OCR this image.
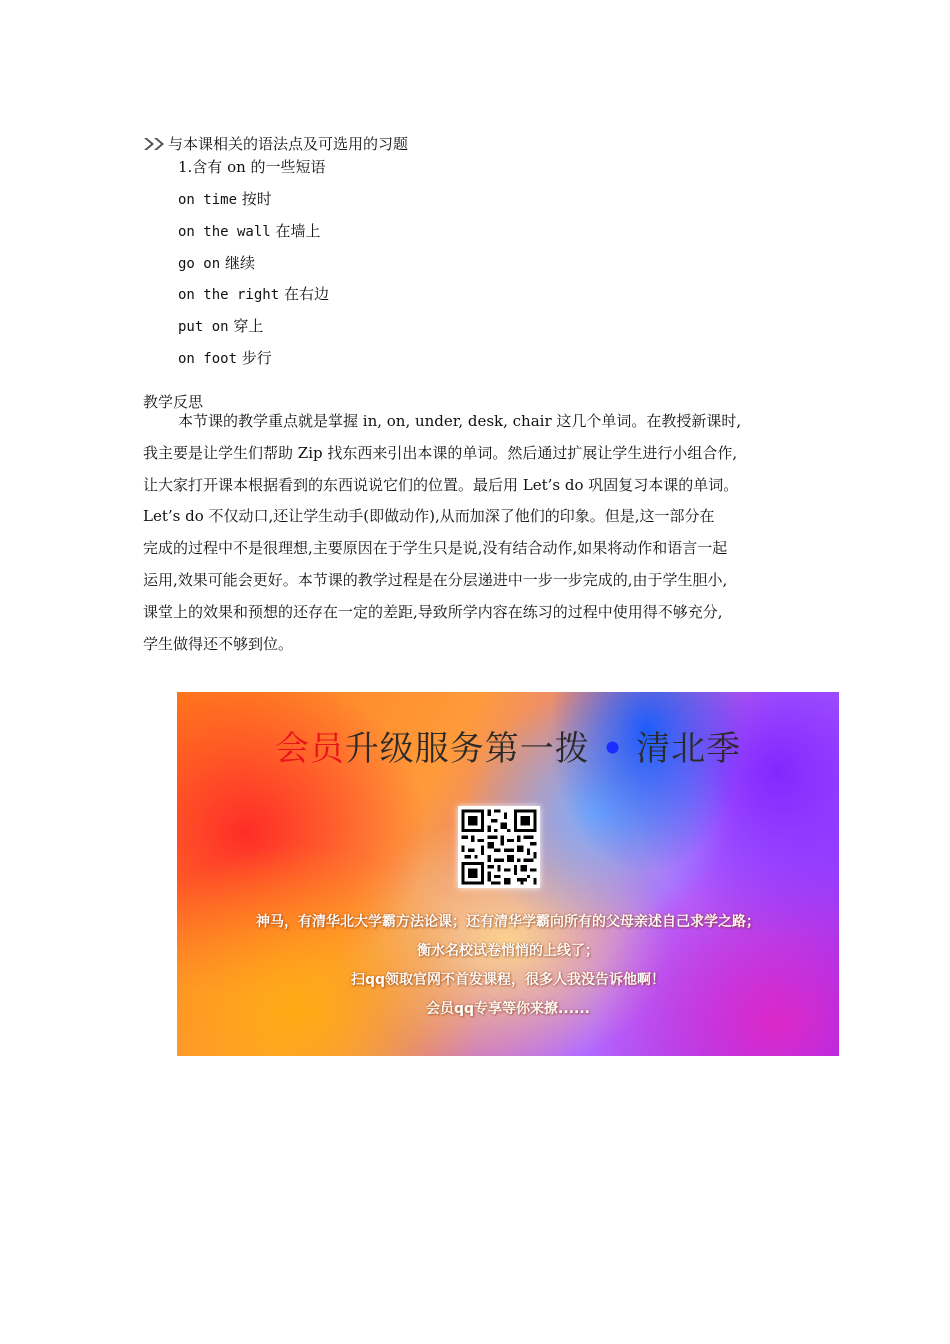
与本课相关的语法点及可选用的习题
1.含有 on 的一些短语
on time 按时
on the wall 在墙上
go on 继续
on the right 在右边
put on 穿上
on foot 步行
教学反思
本节课的教学重点就是掌握 in, on, under, desk, chair 这几个单词。在教授新课时,
我主要是让学生们帮助 Zip 找东西来引出本课的单词。然后通过扩展让学生进行小组合作,
让大家打开课本根据看到的东西说说它们的位置。最后用 Let’s do 巩固复习本课的单词。
Let’s do 不仅动口,还让学生动手(即做动作),从而加深了他们的印象。但是,这一部分在
完成的过程中不是很理想,主要原因在于学生只是说,没有结合动作,如果将动作和语言一起
运用,效果可能会更好。本节课的教学过程是在分层递进中一步一步完成的,由于学生胆小,
课堂上的效果和预想的还存在一定的差距,导致所学内容在练习的过程中使用得不够充分,
学生做得还不够到位。
会员升级服务第一拨 • 清北季
神马，有清华北大学霸方法论课；还有清华学霸向所有的父母亲述自己求学之路；
衡水名校试卷悄悄的上线了；
扫qq领取官网不首发课程，很多人我没告诉他啊！
会员qq专享等你来撩......
